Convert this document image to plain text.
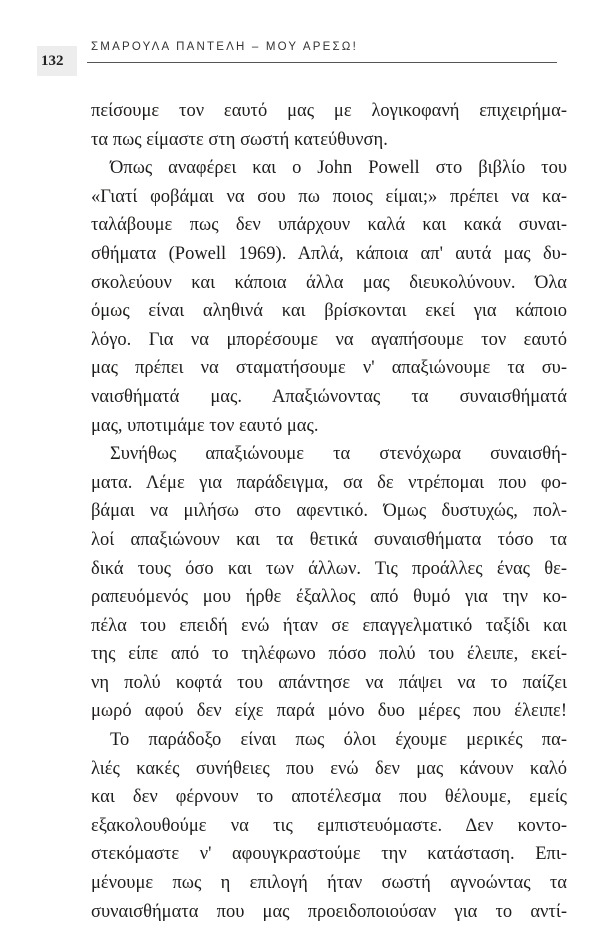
132
ΣΜΑΡΟΥΛΑ ΠΑΝΤΕΛΗ – ΜΟΥ ΑΡΕΣΩ!
πείσουμε τον εαυτό μας με λογικοφανή επιχειρήμα-
τα πως είμαστε στη σωστή κατεύθυνση.
Όπως αναφέρει και ο John Powell στο βιβλίο του
«Γιατί φοβάμαι να σου πω ποιος είμαι;» πρέπει να κα-
ταλάβουμε πως δεν υπάρχουν καλά και κακά συναι-
σθήματα (Powell 1969). Απλά, κάποια απ' αυτά μας δυ-
σκολεύουν και κάποια άλλα μας διευκολύνουν. Όλα
όμως είναι αληθινά και βρίσκονται εκεί για κάποιο
λόγο. Για να μπορέσουμε να αγαπήσουμε τον εαυτό
μας πρέπει να σταματήσουμε ν' απαξιώνουμε τα συ-
ναισθήματά μας. Απαξιώνοντας τα συναισθήματά
μας, υποτιμάμε τον εαυτό μας.
Συνήθως απαξιώνουμε τα στενόχωρα συναισθή-
ματα. Λέμε για παράδειγμα, σα δε ντρέπομαι που φο-
βάμαι να μιλήσω στο αφεντικό. Όμως δυστυχώς, πολ-
λοί απαξιώνουν και τα θετικά συναισθήματα τόσο τα
δικά τους όσο και των άλλων. Τις προάλλες ένας θε-
ραπευόμενός μου ήρθε έξαλλος από θυμό για την κο-
πέλα του επειδή ενώ ήταν σε επαγγελματικό ταξίδι και
της είπε από το τηλέφωνο πόσο πολύ του έλειπε, εκεί-
νη πολύ κοφτά του απάντησε να πάψει να το παίζει
μωρό αφού δεν είχε παρά μόνο δυο μέρες που έλειπε!
Το παράδοξο είναι πως όλοι έχουμε μερικές πα-
λιές κακές συνήθειες που ενώ δεν μας κάνουν καλό
και δεν φέρνουν το αποτέλεσμα που θέλουμε, εμείς
εξακολουθούμε να τις εμπιστευόμαστε. Δεν κοντο-
στεκόμαστε ν' αφουγκραστούμε την κατάσταση. Επι-
μένουμε πως η επιλογή ήταν σωστή αγνοώντας τα
συναισθήματα που μας προειδοποιούσαν για το αντί-
